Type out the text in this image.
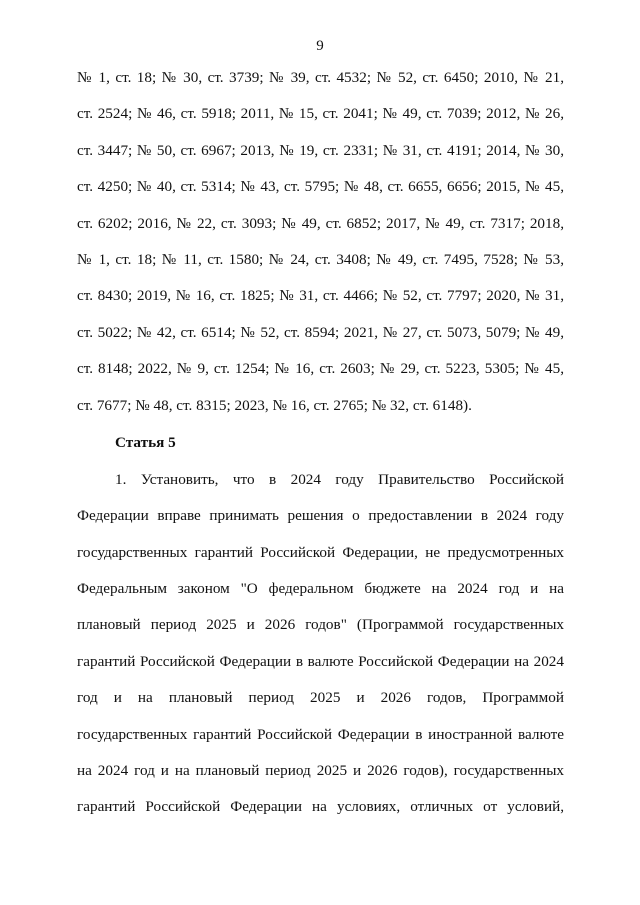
9
№ 1, ст. 18; № 30, ст. 3739; № 39, ст. 4532; № 52, ст. 6450; 2010, № 21,
ст. 2524; № 46, ст. 5918; 2011, № 15, ст. 2041; № 49, ст. 7039; 2012, № 26,
ст. 3447; № 50, ст. 6967; 2013, № 19, ст. 2331; № 31, ст. 4191; 2014, № 30,
ст. 4250; № 40, ст. 5314; № 43, ст. 5795; № 48, ст. 6655, 6656; 2015, № 45,
ст. 6202; 2016, № 22, ст. 3093; № 49, ст. 6852; 2017, № 49, ст. 7317; 2018,
№ 1, ст. 18; № 11, ст. 1580; № 24, ст. 3408; № 49, ст. 7495, 7528; № 53,
ст. 8430; 2019, № 16, ст. 1825; № 31, ст. 4466; № 52, ст. 7797; 2020, № 31,
ст. 5022; № 42, ст. 6514; № 52, ст. 8594; 2021, № 27, ст. 5073, 5079; № 49,
ст. 8148; 2022, № 9, ст. 1254; № 16, ст. 2603; № 29, ст. 5223, 5305; № 45,
ст. 7677; № 48, ст. 8315; 2023, № 16, ст. 2765; № 32, ст. 6148).
Статья 5
1. Установить, что в 2024 году Правительство Российской
Федерации вправе принимать решения о предоставлении в 2024 году
государственных гарантий Российской Федерации, не предусмотренных
Федеральным законом "О федеральном бюджете на 2024 год и на
плановый период 2025 и 2026 годов" (Программой государственных
гарантий Российской Федерации в валюте Российской Федерации на 2024
год и на плановый период 2025 и 2026 годов, Программой
государственных гарантий Российской Федерации в иностранной валюте
на 2024 год и на плановый период 2025 и 2026 годов), государственных
гарантий Российской Федерации на условиях, отличных от условий,
